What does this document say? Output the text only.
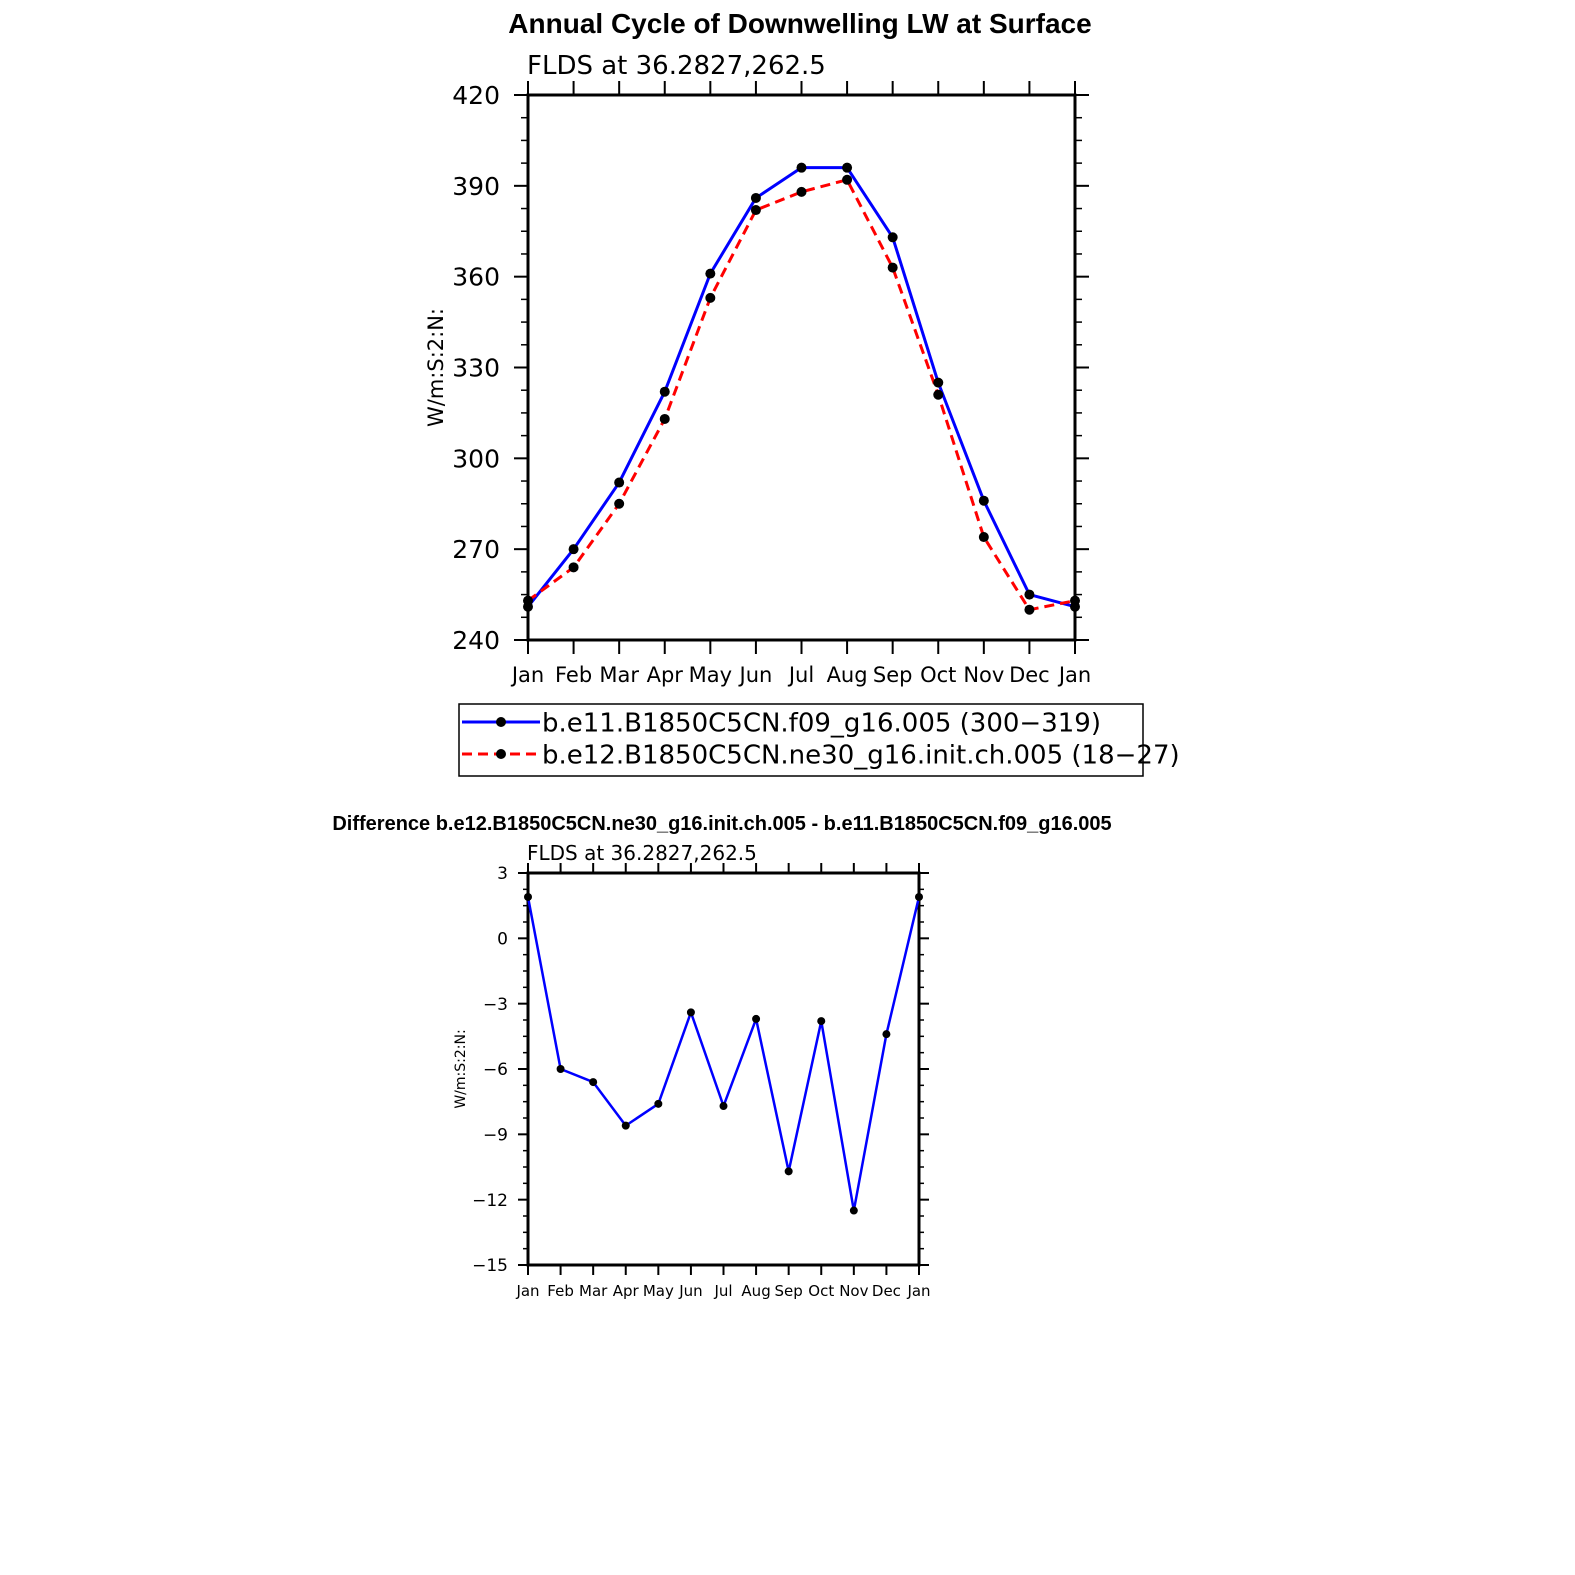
Annual Cycle of Downwelling LW at Surface
FLDS at 36.2827,262.5
W/m:S:2:N:
240
270
300
330
360
390
420
Jan Feb Mar Apr May Jun Jul Aug Sep Oct Nov Dec Jan
b.e11.B1850C5CN.f09_g16.005 (300−319)
b.e12.B1850C5CN.ne30_g16.init.ch.005 (18−27)
Difference b.e12.B1850C5CN.ne30_g16.init.ch.005 - b.e11.B1850C5CN.f09_g16.005
FLDS at 36.2827,262.5
W/m:S:2:N:
−15
−12
−9
−6
−3
0
3
Jan Feb Mar Apr May Jun Jul Aug Sep Oct Nov Dec Jan
